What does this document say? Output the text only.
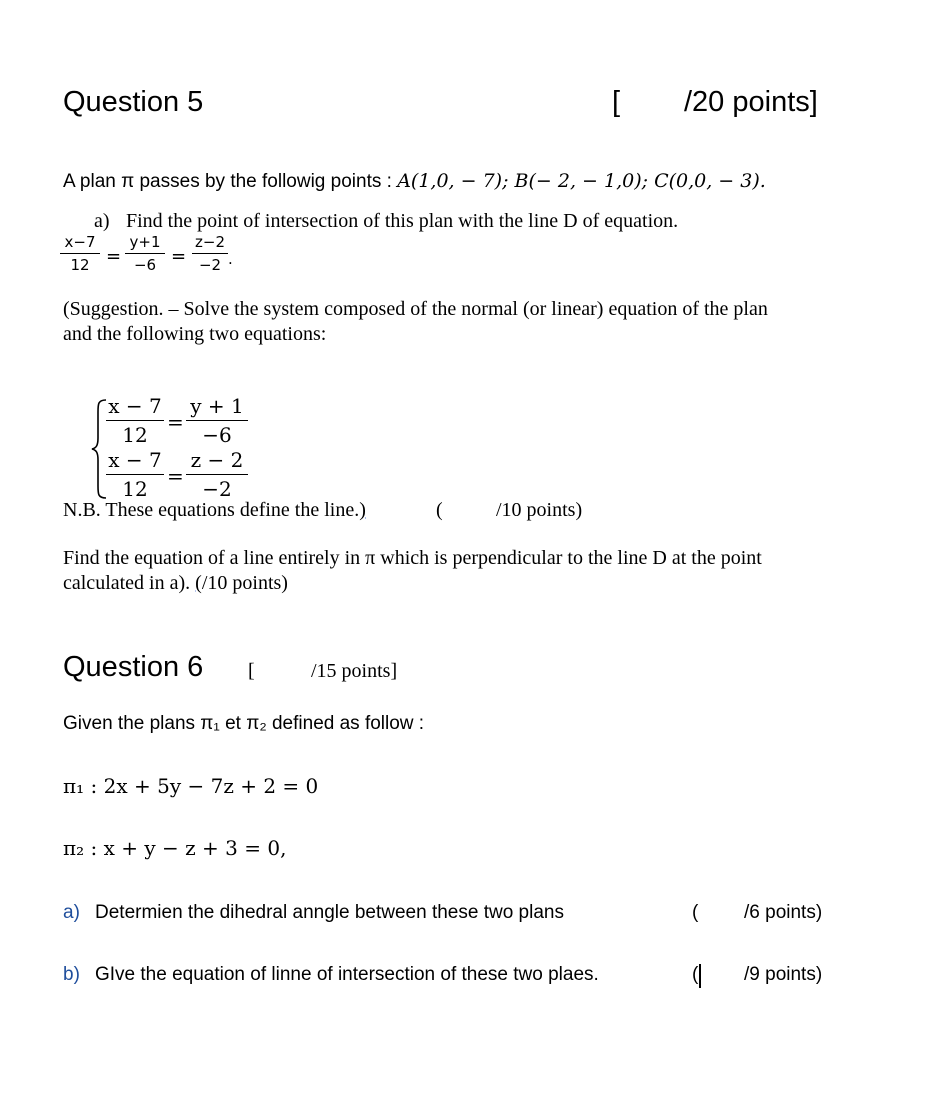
Question 5	[ /20 points]
A plan π passes by the followig points : A(1,0, − 7); B(− 2, − 1,0); C(0,0, − 3).
a) Find the point of intersection of this plan with the line D of equation.
x−7
12 =
y+1
−6 =
z−2
−2 .
(Suggestion. – Solve the system composed of the normal (or linear) equation of the plan
and the following two equations:
x − 7
12
=
y + 1
−6
x − 7
12
=
z − 2
−2
N.B. These equations define the line.)	(	/10 points)
Find the equation of a line entirely in π which is perpendicular to the line D at the point
calculated in a). (/10 points)
Question 6 [	/15 points]
Given the plans π₁ et π₂ defined as follow :
π₁ : 2x + 5y − 7z + 2 = 0
π₂ : x + y − z + 3 = 0,
a) Determien the dihedral anngle between these two plans	( /6 points)
b) GIve the equation of linne of intersection of these two plaes.	( /9 points)
